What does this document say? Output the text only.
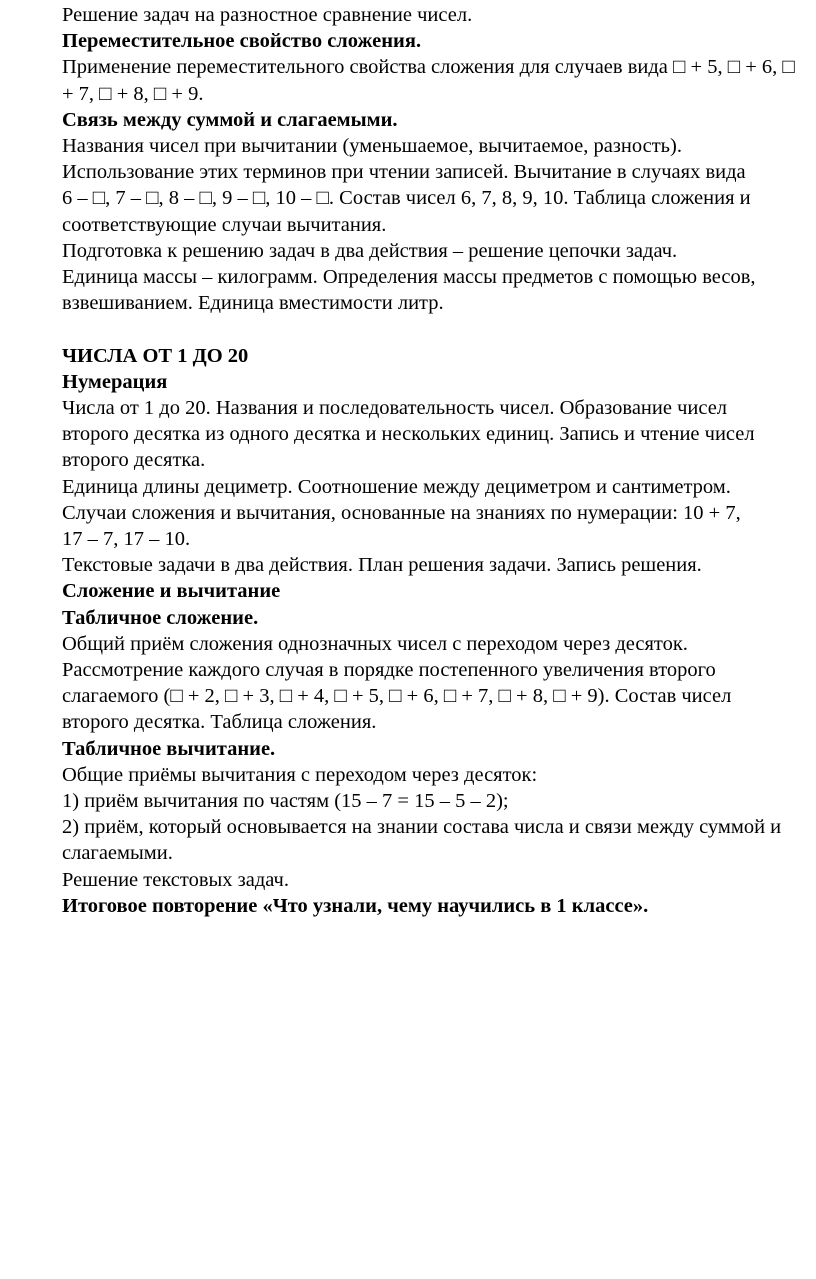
Решение задач на разностное сравнение чисел.

Переместительное свойство сложения.

Применение переместительного свойства сложения для случаев вида □ + 5, □ + 6, □

+ 7, □ + 8, □ + 9.

Связь между суммой и слагаемыми.

Названия чисел при вычитании (уменьшаемое, вычитаемое, разность).

Использование этих терминов при чтении записей. Вычитание в случаях вида

6 – □, 7 – □, 8 – □, 9 – □, 10 – □. Состав чисел 6, 7, 8, 9, 10. Таблица сложения и

соответствующие случаи вычитания.

Подготовка к решению задач в два действия – решение цепочки задач.

Единица массы – килограмм. Определения массы предметов с помощью весов,

взвешиванием. Единица вместимости литр.

ЧИСЛА ОТ 1 ДО 20

Нумерация

Числа от 1 до 20. Названия и последовательность чисел. Образование чисел

второго десятка из одного десятка и нескольких единиц. Запись и чтение чисел

второго десятка.

Единица длины дециметр. Соотношение между дециметром и сантиметром.

Случаи сложения и вычитания, основанные на знаниях по нумерации: 10 + 7,

17 – 7, 17 – 10.

Текстовые задачи в два действия. План решения задачи. Запись решения.

Сложение и вычитание

Табличное сложение.

Общий приём сложения однозначных чисел с переходом через десяток.

Рассмотрение каждого случая в порядке постепенного увеличения второго

слагаемого (□ + 2, □ + 3, □ + 4, □ + 5, □ + 6, □ + 7, □ + 8, □ + 9). Состав чисел

второго десятка. Таблица сложения.

Табличное вычитание.

Общие приёмы вычитания с переходом через десяток:

1) приём вычитания по частям (15 – 7 = 15 – 5 – 2);

2) приём, который основывается на знании состава числа и связи между суммой и

слагаемыми.

Решение текстовых задач.

Итоговое повторение «Что узнали, чему научились в 1 классе».
